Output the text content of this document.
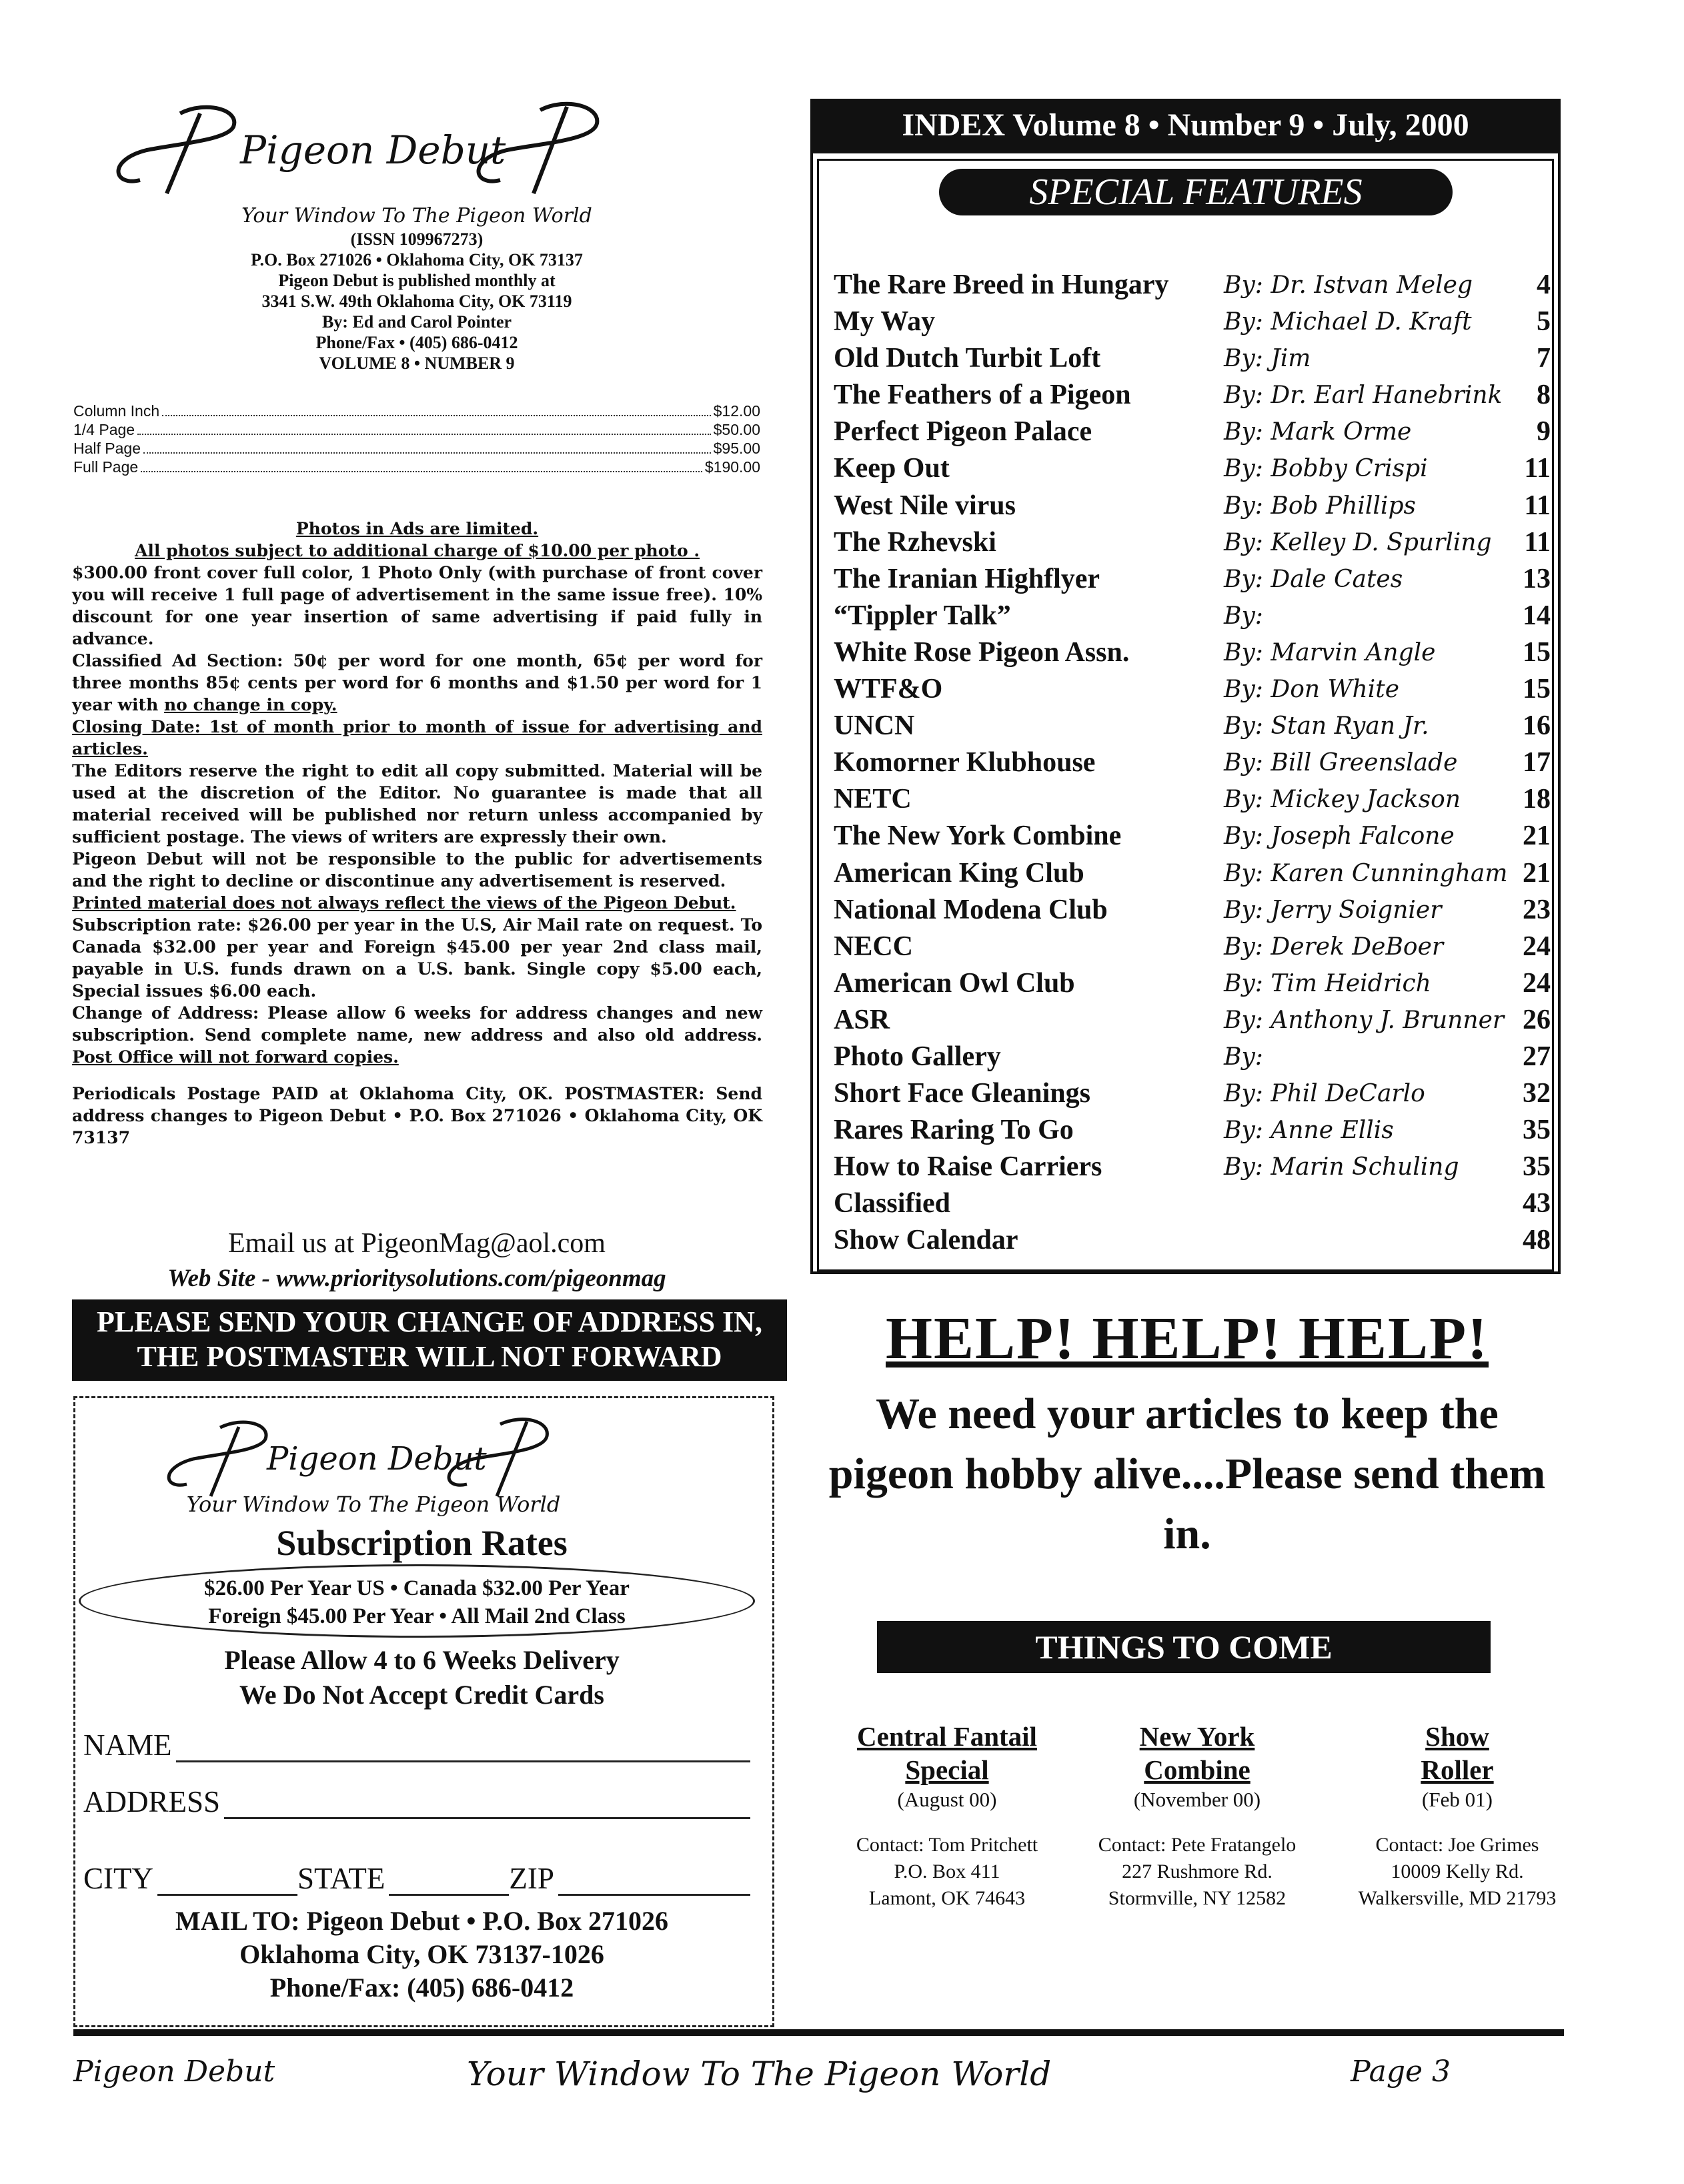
Pigeon Debut
Your Window To The Pigeon World
(ISSN 109967273)
P.O. Box 271026 • Oklahoma City, OK 73137
Pigeon Debut is published monthly at
3341 S.W. 49th Oklahoma City, OK 73119
By: Ed and Carol Pointer
Phone/Fax • (405) 686-0412
VOLUME 8 • NUMBER 9
Column Inch	$12.00
1/4 Page	$50.00
Half Page	$95.00
Full Page	$190.00

Photos in Ads are limited.

All photos subject to additional charge of $10.00 per photo .

$300.00 front cover full color, 1 Photo Only (with purchase of front cover you will receive 1 full page of advertisement in the same issue free). 10% discount for one year insertion of same advertising if paid fully in advance.

Classified Ad Section: 50¢ per word for one month, 65¢ per word for three months 85¢ cents per word for 6 months and $1.50 per word for 1 year with no change in copy.

Closing Date: 1st of month prior to month of issue for advertising and articles.

The Editors reserve the right to edit all copy submitted. Material will be used at the discretion of the Editor. No guarantee is made that all material received will be published nor return unless accompanied by sufficient postage. The views of writers are expressly their own.

Pigeon Debut will not be responsible to the public for advertisements and the right to decline or discontinue any advertisement is reserved.

Printed material does not always reflect the views of the Pigeon Debut.

Subscription rate: $26.00 per year in the U.S, Air Mail rate on request. To Canada $32.00 per year and Foreign $45.00 per year 2nd class mail, payable in U.S. funds drawn on a U.S. bank. Single copy $5.00 each, Special issues $6.00 each.

Change of Address: Please allow 6 weeks for address changes and new subscription. Send complete name, new address and also old address. Post Office will not forward copies.

Periodicals Postage PAID at Oklahoma City, OK. POSTMASTER: Send address changes to Pigeon Debut • P.O. Box 271026 • Oklahoma City, OK 73137

Email us at PigeonMag@aol.com
Web Site - www.prioritysolutions.com/pigeonmag
PLEASE SEND YOUR CHANGE OF ADDRESS IN,
THE POSTMASTER WILL NOT FORWARD
Pigeon Debut
Your Window To The Pigeon World
Subscription Rates
$26.00 Per Year US • Canada $32.00 Per Year
Foreign $45.00 Per Year • All Mail 2nd Class
Please Allow 4 to 6 Weeks Delivery
We Do Not Accept Credit Cards
NAME
ADDRESS
CITY	STATE	ZIP
MAIL TO: Pigeon Debut • P.O. Box 271026
Oklahoma City, OK 73137-1026
Phone/Fax: (405) 686-0412
INDEX Volume 8 • Number 9 • July, 2000
SPECIAL FEATURES
The Rare Breed in Hungary By: Dr. Istvan Meleg 4
My Way	By: Michael D. Kraft 5
Old Dutch Turbit Loft	By: Jim	7
The Feathers of a Pigeon	By: Dr. Earl Hanebrink 8
Perfect Pigeon Palace	By: Mark Orme	9
Keep Out	By: Bobby Crispi	11
West Nile virus	By: Bob Phillips	11
The Rzhevski	By: Kelley D. Spurling 11
The Iranian Highflyer	By: Dale Cates	13
“Tippler Talk”	By:	14
White Rose Pigeon Assn.	By: Marvin Angle	15
WTF&O	By: Don White	15
UNCN	By: Stan Ryan Jr.	16
Komorner Klubhouse	By: Bill Greenslade 17
NETC	By: Mickey Jackson 18
The New York Combine	By: Joseph Falcone 21
American King Club	By: Karen Cunningham 21
National Modena Club	By: Jerry Soignier	23
NECC	By: Derek DeBoer	24
American Owl Club	By: Tim Heidrich	24
ASR	By: Anthony J. Brunner 26
Photo Gallery	By:	27
Short Face Gleanings	By: Phil DeCarlo	32
Rares Raring To Go	By: Anne Ellis	35
How to Raise Carriers	By: Marin Schuling 35
Classified	43
Show Calendar	48
HELP! HELP! HELP!
We need your articles to keep the pigeon hobby alive....Please send them in.
THINGS TO COME
Central Fantail
Special
(August 00)
Contact: Tom Pritchett
P.O. Box 411
Lamont, OK 74643
New York
Combine
(November 00)
Contact: Pete Fratangelo
227 Rushmore Rd.
Stormville, NY 12582
Show
Roller
(Feb 01)
Contact: Joe Grimes
10009 Kelly Rd.
Walkersville, MD 21793
Pigeon Debut	Your Window To The Pigeon World	Page 3
